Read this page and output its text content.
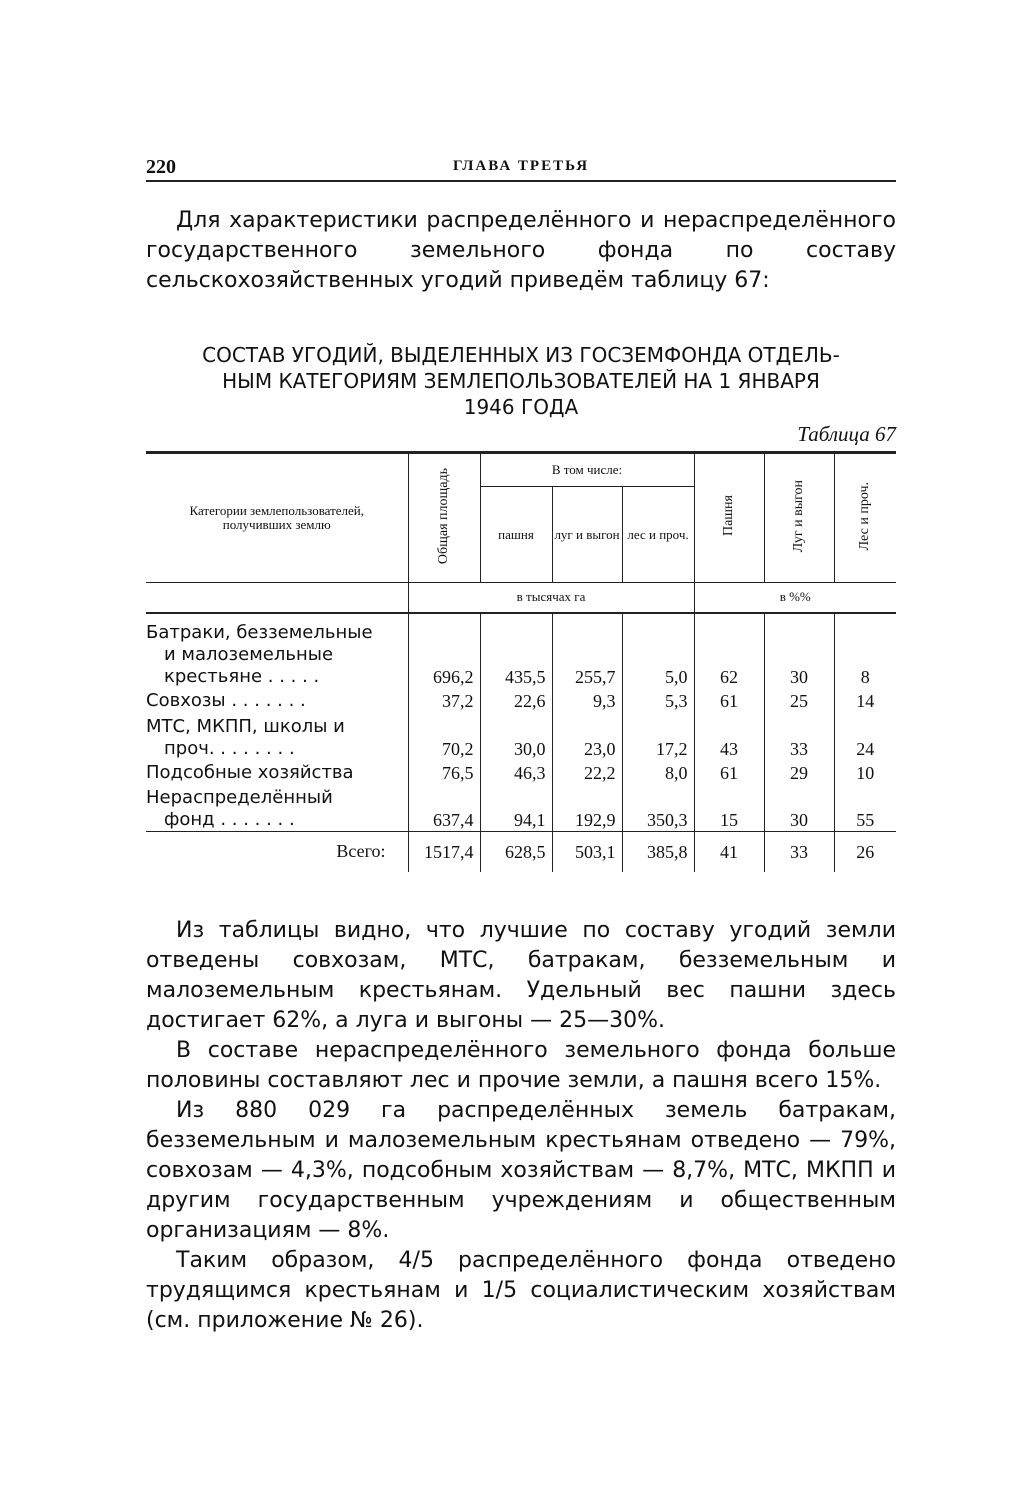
220	ГЛАВА ТРЕТЬЯ

Для характеристики распределённого и нераспределённого государственного земельного фонда по составу сельскохозяйственных угодий приведём таблицу 67:

СОСТАВ УГОДИЙ, ВЫДЕЛЕННЫХ ИЗ ГОСЗЕМФОНДА ОТДЕЛЬ-
НЫМ КАТЕГОРИЯМ ЗЕМЛЕПОЛЬЗОВАТЕЛЕЙ НА 1 ЯНВАРЯ
1946 ГОДА
Таблица 67
Категории землепользователей, получивших землю	Общая площадь	В том числе:			Пашня	Луг и выгон	Лес и проч.
		пашня	луг и выгон	лес и проч.			
	в тысячах га				в %%		

Батраки, безземельные
и малоземельные
крестьяне . . . . .	696,2	435,5	255,7	5,0	62	30	8
Совхозы . . . . . . .	37,2	22,6	9,3	5,3	61	25	14

МТС, МКПП, школы и
проч. . . . . . . .	70,2	30,0	23,0	17,2	43	33	24
Подсобные хозяйства	76,5	46,3	22,2	8,0	61	29	10

Нераспределённый
фонд . . . . . . .	637,4	94,1	192,9	350,3	15	30	55
Всего:	1517,4	628,5	503,1	385,8	41	33	26

Из таблицы видно, что лучшие по составу угодий земли отведены совхозам, МТС, батракам, безземельным и малоземельным крестьянам. Удельный вес пашни здесь достигает 62%, а луга и выгоны — 25—30%.

В составе нераспределённого земельного фонда больше половины составляют лес и прочие земли, а пашня всего 15%.

Из 880 029 га распределённых земель батракам, безземельным и малоземельным крестьянам отведено — 79%, совхозам — 4,3%, подсобным хозяйствам — 8,7%, МТС, МКПП и другим государственным учреждениям и общественным организациям — 8%.

Таким образом, 4/5 распределённого фонда отведено трудящимся крестьянам и 1/5 социалистическим хозяйствам (см. приложение № 26).
